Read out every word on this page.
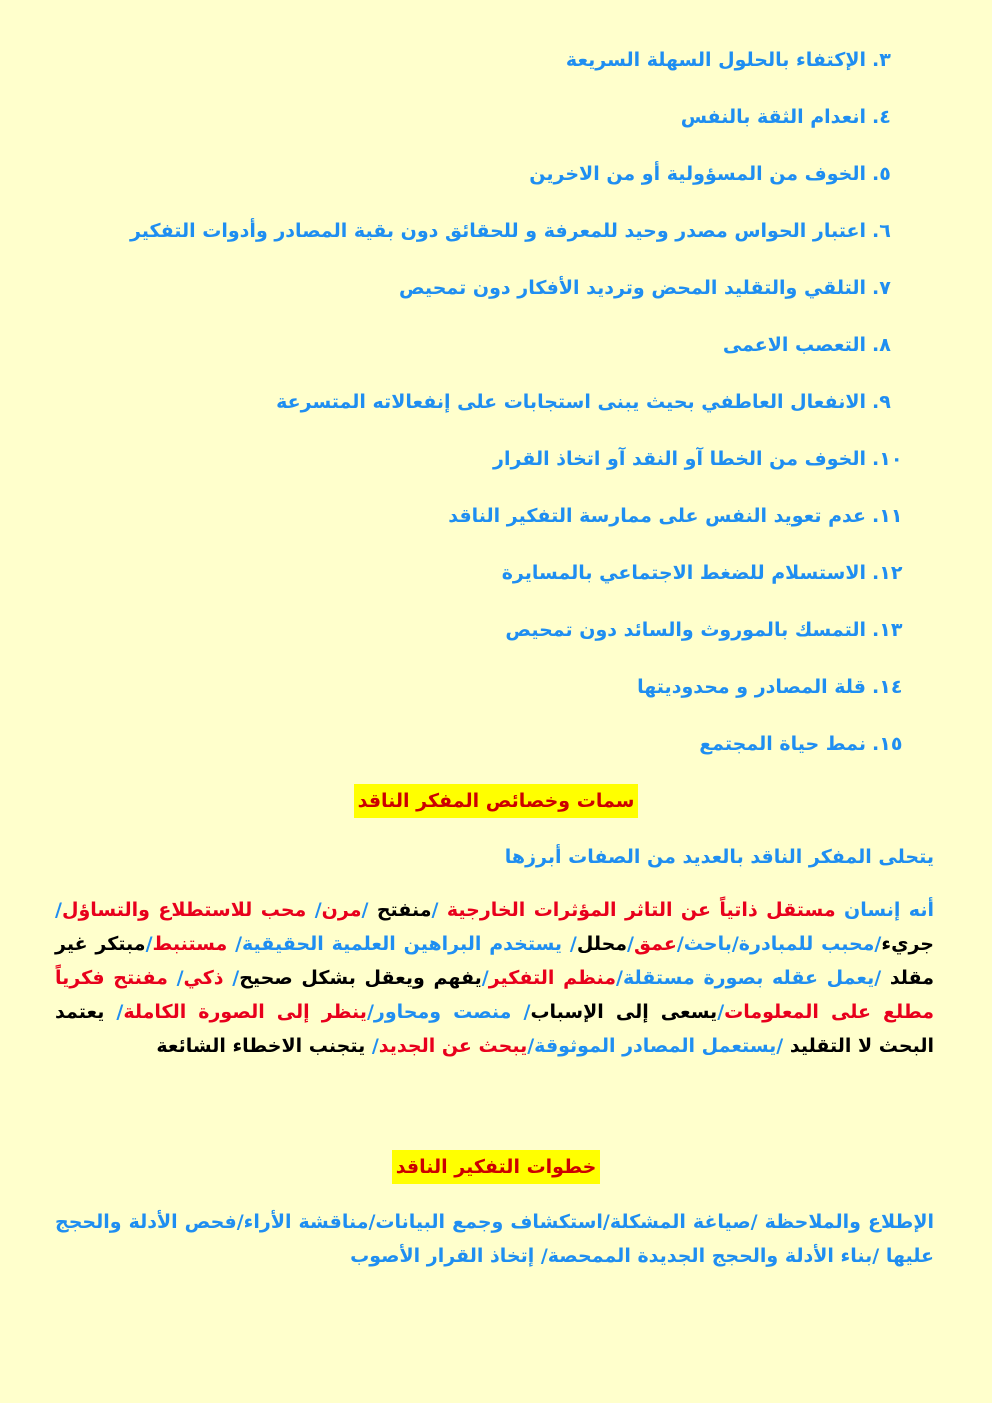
٣.الإكتفاء بالحلول السهلة السريعة
٤.انعدام الثقة بالنفس
٥.الخوف من المسؤولية أو من الاخرين
٦.اعتبار الحواس مصدر وحيد للمعرفة و للحقائق دون بقية المصادر وأدوات التفكير
٧.التلقي والتقليد المحض وترديد الأفكار دون تمحيص
٨.التعصب الاعمى
٩.الانفعال العاطفي بحيث يبنى استجابات على إنفعالاته المتسرعة
١٠.الخوف من الخطا آو النقد آو اتخاذ القرار
١١.عدم تعويد النفس على ممارسة التفكير الناقد
١٢.الاستسلام للضغط الاجتماعي بالمسايرة
١٣.التمسك بالموروث والسائد دون تمحيص
١٤.قلة المصادر و محدوديتها
١٥.نمط حياة المجتمع
سمات وخصائص المفكر الناقد

يتحلى المفكر الناقد بالعديد من الصفات أبرزها

أنه إنسان مستقل ذاتياً عن التاثر المؤثرات الخارجية /منفتح /مرن/ محب للاستطلاع والتساؤل/ جريء/محبب للمبادرة/باحث/عمق/محلل/ يستخدم البراهين العلمية الحقيقية/ مستنبط/مبتكر غير مقلد /يعمل عقله بصورة مستقلة/منظم التفكير/يفهم ويعقل بشكل صحيح/ ذكي/ مفنتح فكرياً مطلع على المعلومات/يسعى إلى الإسباب/ منصت ومحاور/ينظر إلى الصورة الكاملة/ يعتمد البحث لا التقليد /يستعمل المصادر الموثوقة/يبحث عن الجديد/ يتجنب الاخطاء الشائعة

خطوات التفكير الناقد

الإطلاع والملاحظة /صياغة المشكلة/استكشاف وجمع البيانات/مناقشة الأراء/فحص الأدلة والحجج عليها /بناء الأدلة والحجج الجديدة الممحصة/ إتخاذ القرار الأصوب
